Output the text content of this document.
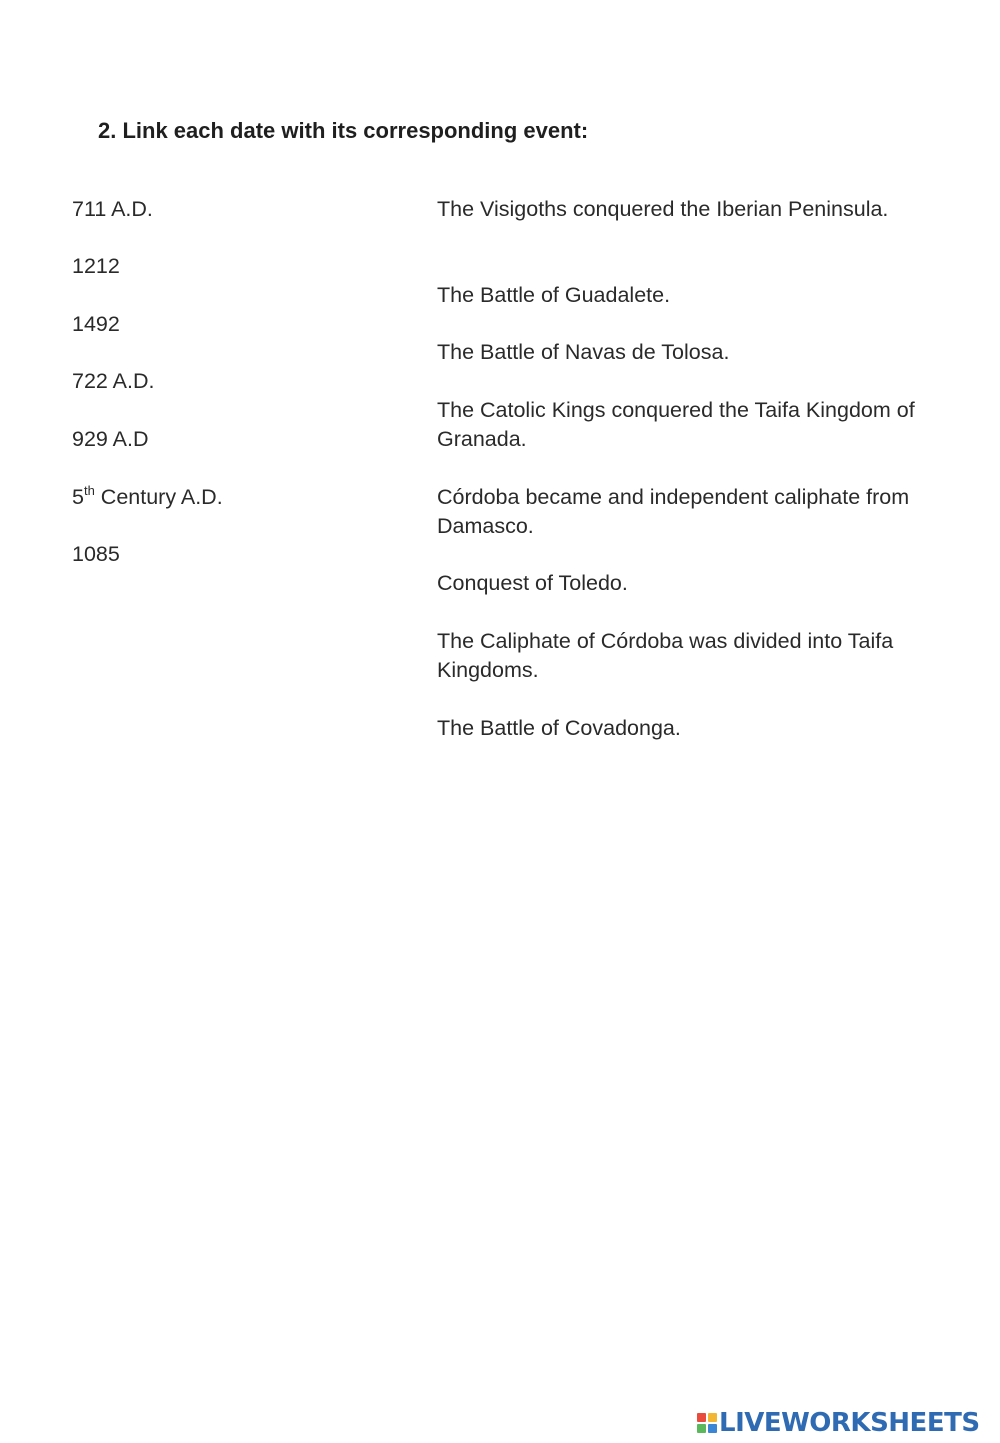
2. Link each date with its corresponding event:
711 A.D.
1212
1492
722 A.D.
929 A.D
5th Century A.D.
1085
The Visigoths conquered the Iberian Peninsula.
The Battle of Guadalete.
The Battle of Navas de Tolosa.
The Catolic Kings conquered the Taifa Kingdom of Granada.
Córdoba became and independent caliphate from Damasco.
Conquest of Toledo.
The Caliphate of Córdoba was divided into Taifa Kingdoms.
The Battle of Covadonga.
LIVEWORKSHEETS
